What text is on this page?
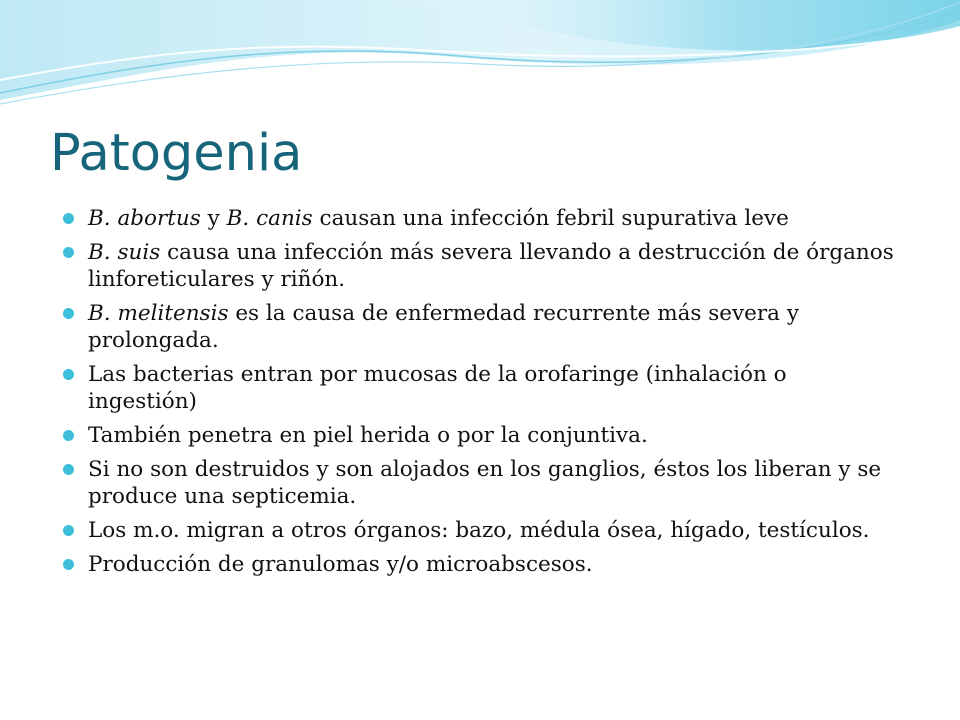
Patogenia
B. abortus y B. canis causan una infección febril supurativa leve
B. suis causa una infección más severa llevando a destrucción de órganos linforeticulares y riñón.
B. melitensis es la causa de enfermedad recurrente más severa y prolongada.
Las bacterias entran por mucosas de la orofaringe (inhalación o ingestión)
También penetra en piel herida o por la conjuntiva.
Si no son destruidos y son alojados en los ganglios, éstos los liberan y se produce una septicemia.
Los m.o. migran a otros órganos: bazo, médula ósea, hígado, testículos.
Producción de granulomas y/o microabscesos.
